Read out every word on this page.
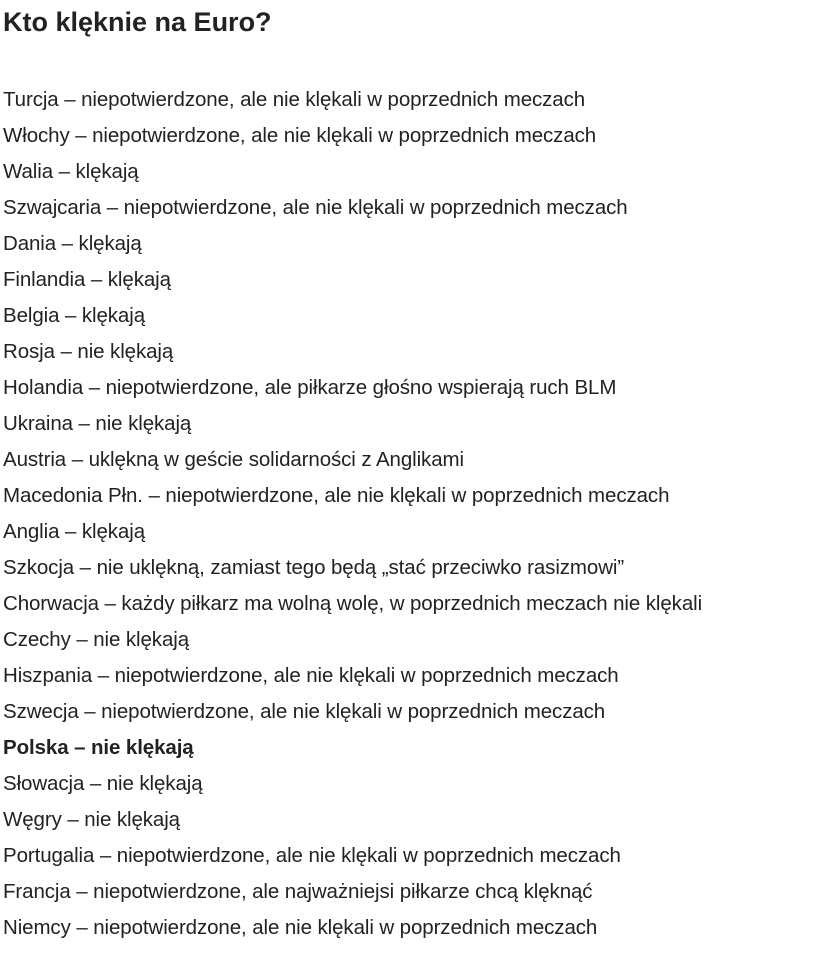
Kto klęknie na Euro?
Turcja – niepotwierdzone, ale nie klękali w poprzednich meczach
Włochy – niepotwierdzone, ale nie klękali w poprzednich meczach
Walia – klękają
Szwajcaria – niepotwierdzone, ale nie klękali w poprzednich meczach
Dania – klękają
Finlandia – klękają
Belgia – klękają
Rosja – nie klękają
Holandia – niepotwierdzone, ale piłkarze głośno wspierają ruch BLM
Ukraina – nie klękają
Austria – uklękną w geście solidarności z Anglikami
Macedonia Płn. – niepotwierdzone, ale nie klękali w poprzednich meczach
Anglia – klękają
Szkocja – nie uklękną, zamiast tego będą „stać przeciwko rasizmowi”
Chorwacja – każdy piłkarz ma wolną wolę, w poprzednich meczach nie klękali
Czechy – nie klękają
Hiszpania – niepotwierdzone, ale nie klękali w poprzednich meczach
Szwecja – niepotwierdzone, ale nie klękali w poprzednich meczach
Polska – nie klękają
Słowacja – nie klękają
Węgry – nie klękają
Portugalia – niepotwierdzone, ale nie klękali w poprzednich meczach
Francja – niepotwierdzone, ale najważniejsi piłkarze chcą klęknąć
Niemcy – niepotwierdzone, ale nie klękali w poprzednich meczach
